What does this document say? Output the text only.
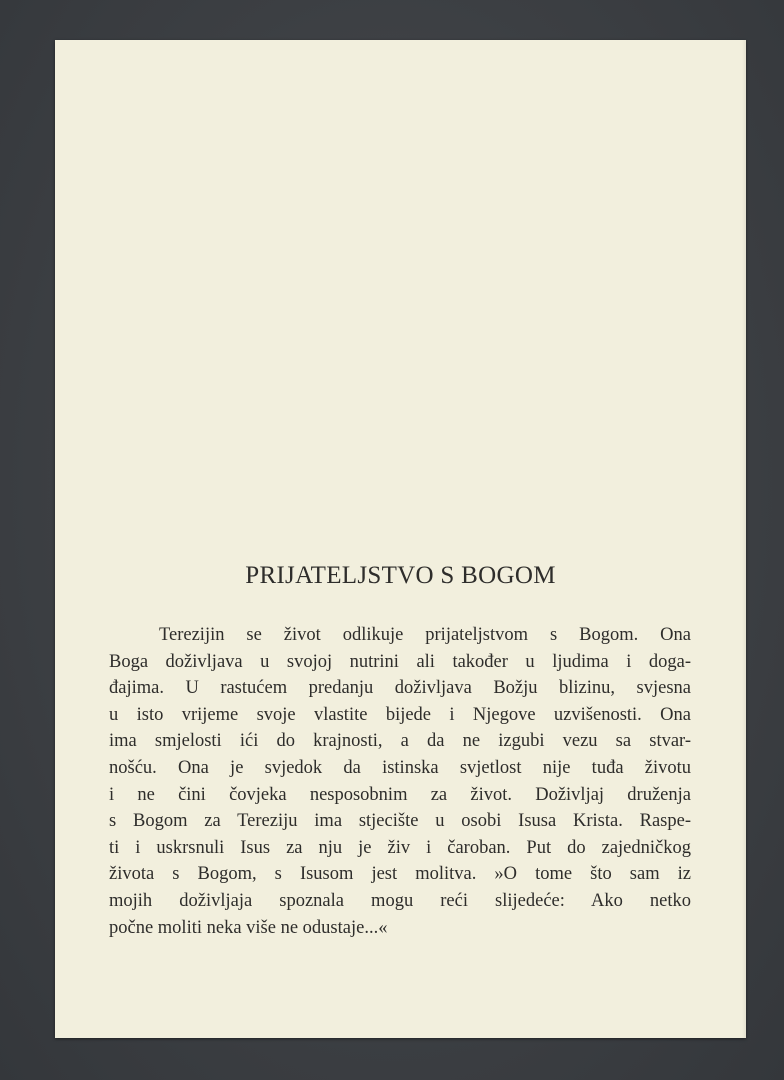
PRIJATELJSTVO S BOGOM
Terezijin se život odlikuje prijateljstvom s Bogom. Ona
Boga doživljava u svojoj nutrini ali također u ljudima i doga-
đajima. U rastućem predanju doživljava Božju blizinu, svjesna
u isto vrijeme svoje vlastite bijede i Njegove uzvišenosti. Ona
ima smjelosti ići do krajnosti, a da ne izgubi vezu sa stvar-
nošću. Ona je svjedok da istinska svjetlost nije tuđa životu
i ne čini čovjeka nesposobnim za život. Doživljaj druženja
s Bogom za Tereziju ima stjecište u osobi Isusa Krista. Raspe-
ti i uskrsnuli Isus za nju je živ i čaroban. Put do zajedničkog
života s Bogom, s Isusom jest molitva. »O tome što sam iz
mojih doživljaja spoznala mogu reći slijedeće: Ako netko
počne moliti neka više ne odustaje...«
